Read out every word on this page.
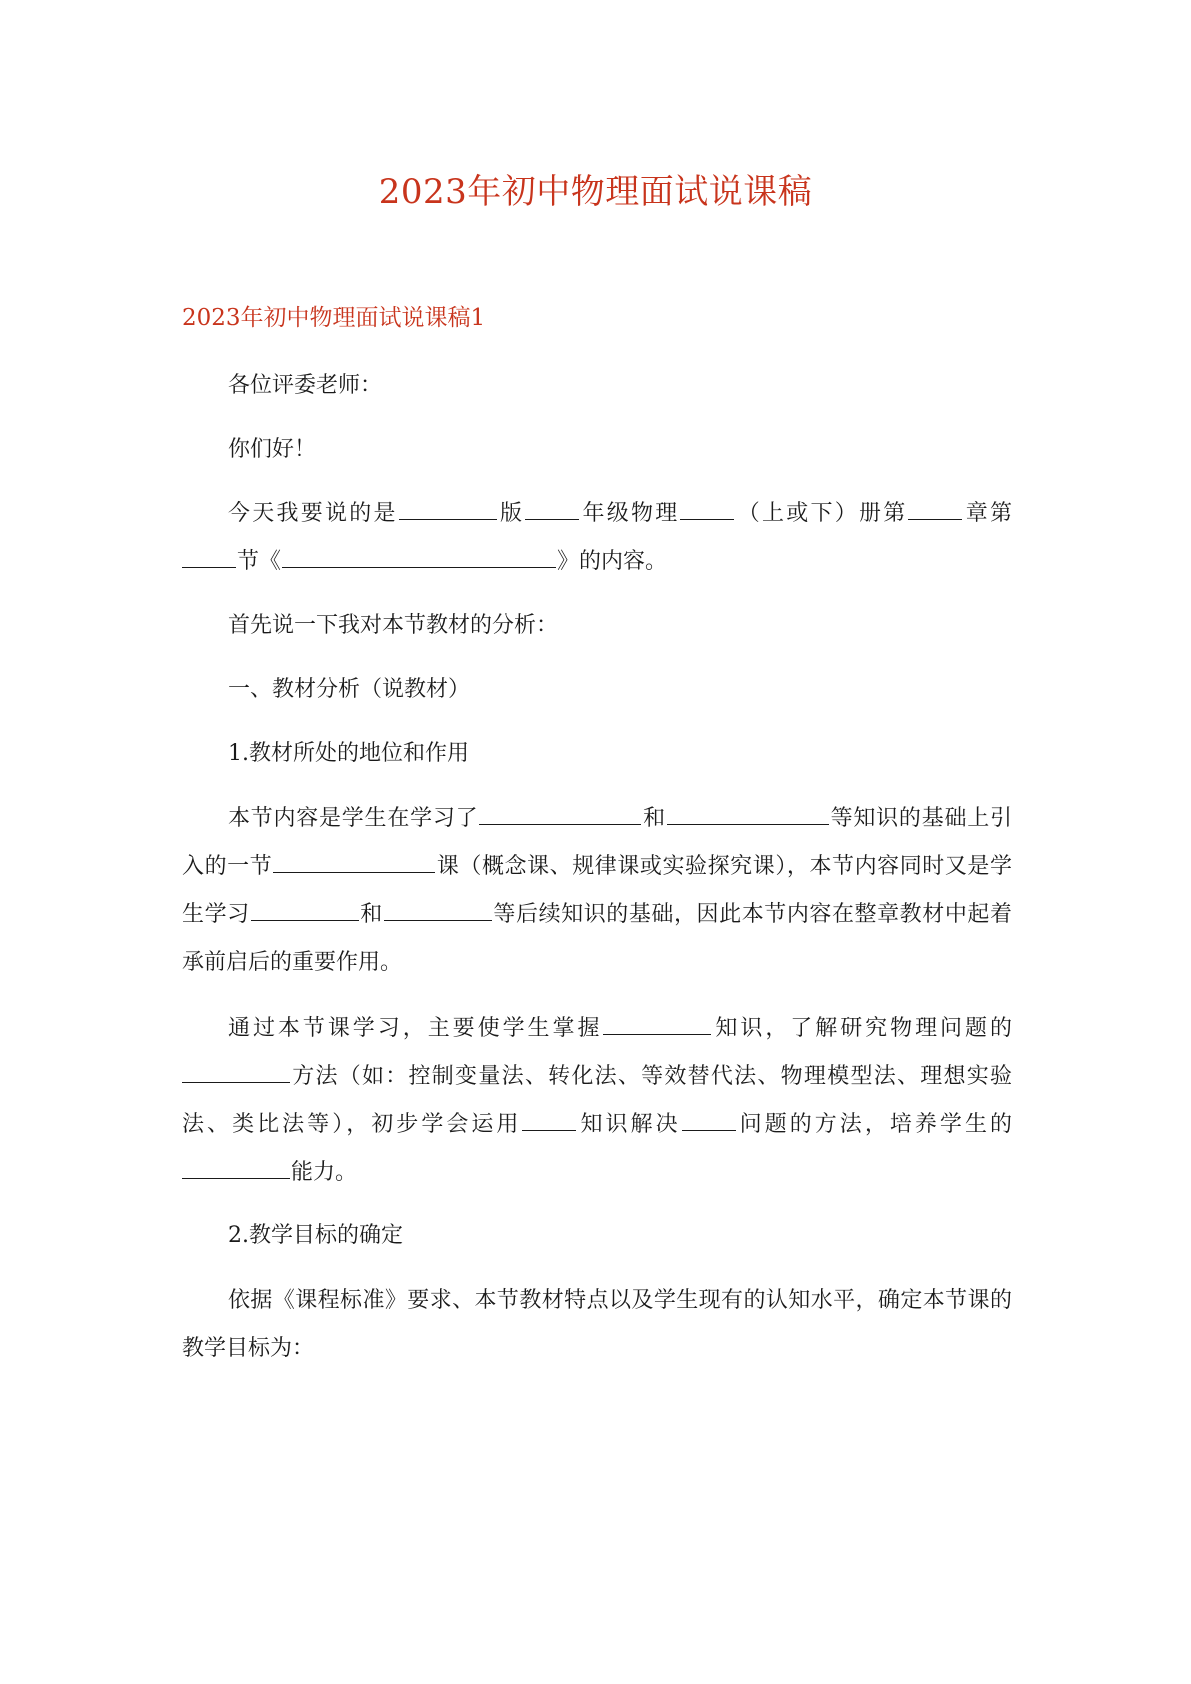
2023年初中物理面试说课稿
2023年初中物理面试说课稿1
各位评委老师：
你们好！
今天我要说的是	版	年级物理	（上或下）册第	章第节《	》的内容。
首先说一下我对本节教材的分析：
一、教材分析（说教材）
1.教材所处的地位和作用
本节内容是学生在学习了	和	等知识的基础上引入的一节	课（概念课、规律课或实验探究课），本节内容同时又是学生学习	和	等后续知识的基础，因此本节内容在整章教材中起着承前启后的重要作用。
通过本节课学习，主要使学生掌握	知识，了解研究物理问题的方法（如：控制变量法、转化法、等效替代法、物理模型法、理想实验法、类比法等），初步学会运用	知识解决	问题的方法，培养学生的能力。
2.教学目标的确定
依据《课程标准》要求、本节教材特点以及学生现有的认知水平，确定本节课的教学目标为：
